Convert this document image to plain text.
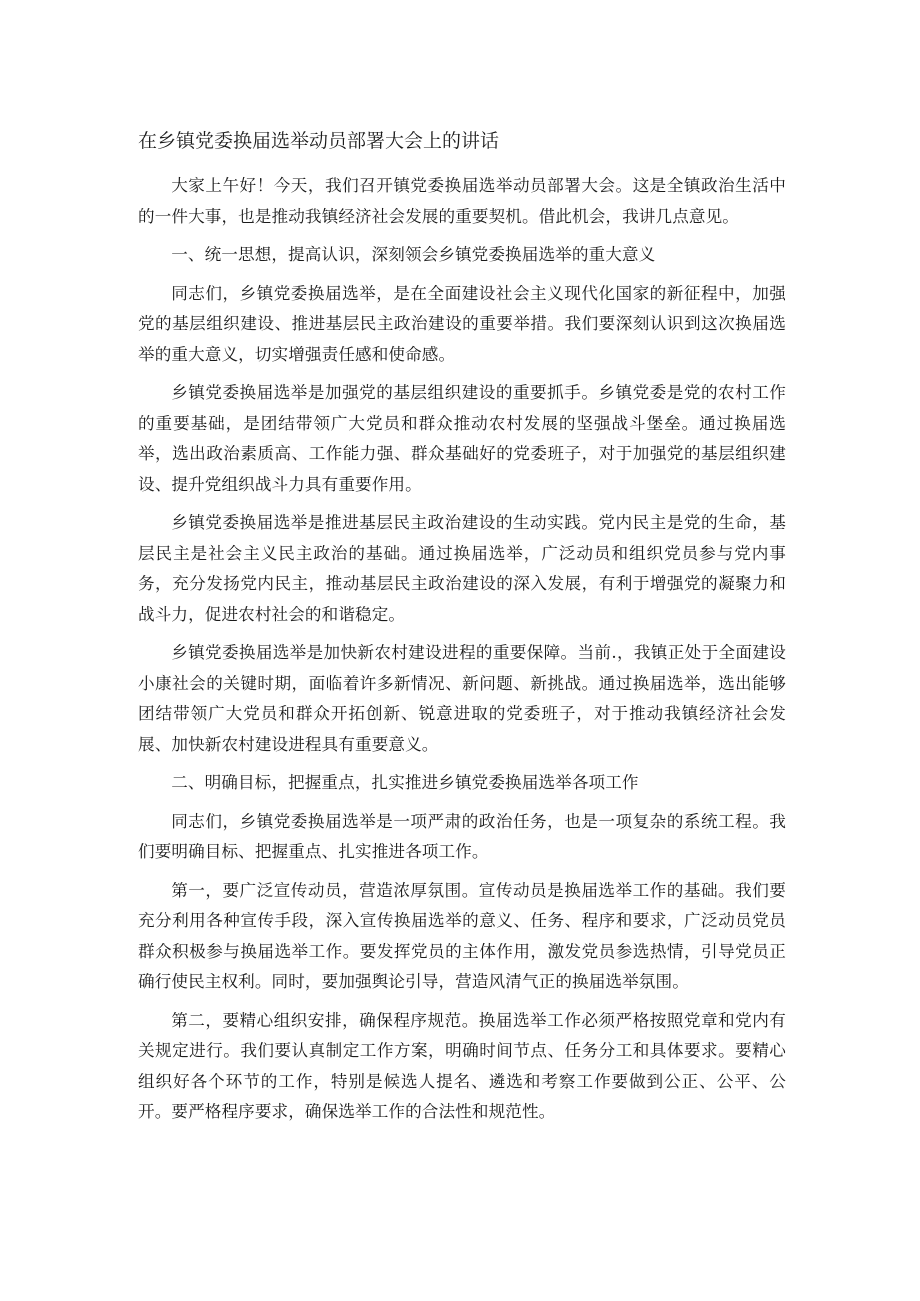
在乡镇党委换届选举动员部署大会上的讲话

大家上午好！今天，我们召开镇党委换届选举动员部署大会。这是全镇政治生活中的一件大事，也是推动我镇经济社会发展的重要契机。借此机会，我讲几点意见。

一、统一思想，提高认识，深刻领会乡镇党委换届选举的重大意义

同志们，乡镇党委换届选举，是在全面建设社会主义现代化国家的新征程中，加强党的基层组织建设、推进基层民主政治建设的重要举措。我们要深刻认识到这次换届选举的重大意义，切实增强责任感和使命感。

乡镇党委换届选举是加强党的基层组织建设的重要抓手。乡镇党委是党的农村工作的重要基础，是团结带领广大党员和群众推动农村发展的坚强战斗堡垒。通过换届选举，选出政治素质高、工作能力强、群众基础好的党委班子，对于加强党的基层组织建设、提升党组织战斗力具有重要作用。

乡镇党委换届选举是推进基层民主政治建设的生动实践。党内民主是党的生命，基层民主是社会主义民主政治的基础。通过换届选举，广泛动员和组织党员参与党内事务，充分发扬党内民主，推动基层民主政治建设的深入发展，有利于增强党的凝聚力和战斗力，促进农村社会的和谐稳定。

乡镇党委换届选举是加快新农村建设进程的重要保障。当前.，我镇正处于全面建设小康社会的关键时期，面临着许多新情况、新问题、新挑战。通过换届选举，选出能够团结带领广大党员和群众开拓创新、锐意进取的党委班子，对于推动我镇经济社会发展、加快新农村建设进程具有重要意义。

二、明确目标，把握重点，扎实推进乡镇党委换届选举各项工作

同志们，乡镇党委换届选举是一项严肃的政治任务，也是一项复杂的系统工程。我们要明确目标、把握重点、扎实推进各项工作。

第一，要广泛宣传动员，营造浓厚氛围。宣传动员是换届选举工作的基础。我们要充分利用各种宣传手段，深入宣传换届选举的意义、任务、程序和要求，广泛动员党员群众积极参与换届选举工作。要发挥党员的主体作用，激发党员参选热情，引导党员正确行使民主权利。同时，要加强舆论引导，营造风清气正的换届选举氛围。

第二，要精心组织安排，确保程序规范。换届选举工作必须严格按照党章和党内有关规定进行。我们要认真制定工作方案，明确时间节点、任务分工和具体要求。要精心组织好各个环节的工作，特别是候选人提名、遴选和考察工作要做到公正、公平、公开。要严格程序要求，确保选举工作的合法性和规范性。
